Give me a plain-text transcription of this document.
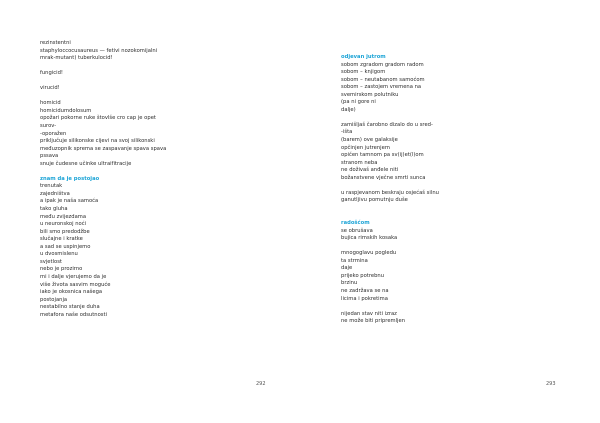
rezinstentni
staphyloccocusaureus — fetivi nozokomijalni
mrak-mutant) tuberkulocid!
fungicid!
virucid!
homicid
homicidumdolosum
opožari pokorne ruke štovlše cro cap je opet
surov-
-oporažen
priključuje silikonske cijevi na svoj silikonski
međuzopnik sprema se zaspavanje spava spava
pssava
snuje čudesne učinke ultraifitracije
znam da je postojao
trenutak
zajedništva
a ipak je naša samoća
tako gluha
među zvijezdama
u neuronskoj noći
bili smo predodžbe
slučajne i kratke
a sad se uspinjemo
u dvosmislenu
svjetlost
nebo je prozirno
mi i dalje vjerujemo da je
više života sasvim moguće
iako je okosnica našega
postojanja
nestabilno stanje duha
metafora naše odsutnosti
292
odjevan jutrom
sobom zgradom gradom radom
sobom – knjigom
sobom – neutabanom samoćom
sobom – zastojem vremena na
svemirskom polutniku
(pa ni gore ni
dalje)
zamišljaš čarobno dizalo do u sred-
-išta
(barem) ove galaksije
opčinjen jutrenjem
opičen tamnom pa sv(ij)et(l)om
stranom neba
ne doživaš anđele niti
božanstvene vječne smrti sunca
u raspjevanom beskraju osjećaš silnu
ganutljivu pomutnju duše
radošćom
se obrušava
bujica rimskih kosaka
mnogoglavu pogledu
ta strmina
daje
prijeko potrebnu
brzinu
ne zadržava se na
licima i pokretima
nijedan stav niti izraz
ne može biti pripremljen
293
